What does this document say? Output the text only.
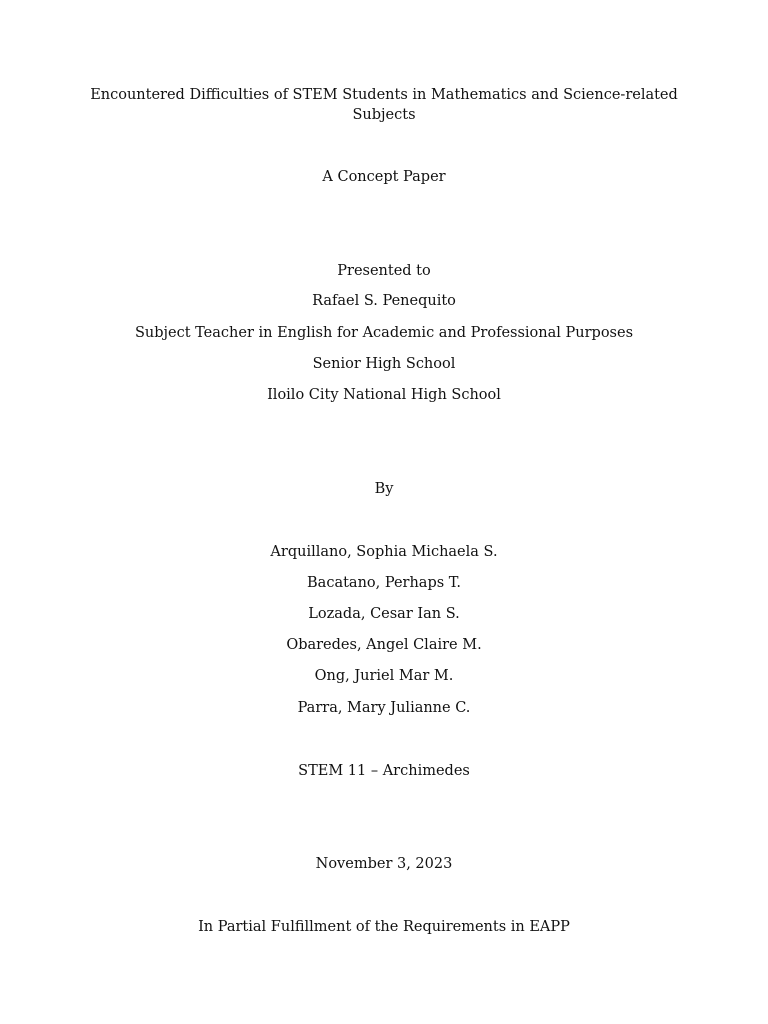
Encountered Difficulties of STEM Students in Mathematics and Science-related Subjects
A Concept Paper
Presented to
Rafael S. Penequito
Subject Teacher in English for Academic and Professional Purposes
Senior High School
Iloilo City National High School
By
Arquillano, Sophia Michaela S.
Bacatano, Perhaps T.
Lozada, Cesar Ian S.
Obaredes, Angel Claire M.
Ong, Juriel Mar M.
Parra, Mary Julianne C.
STEM 11 – Archimedes
November 3, 2023
In Partial Fulfillment of the Requirements in EAPP
